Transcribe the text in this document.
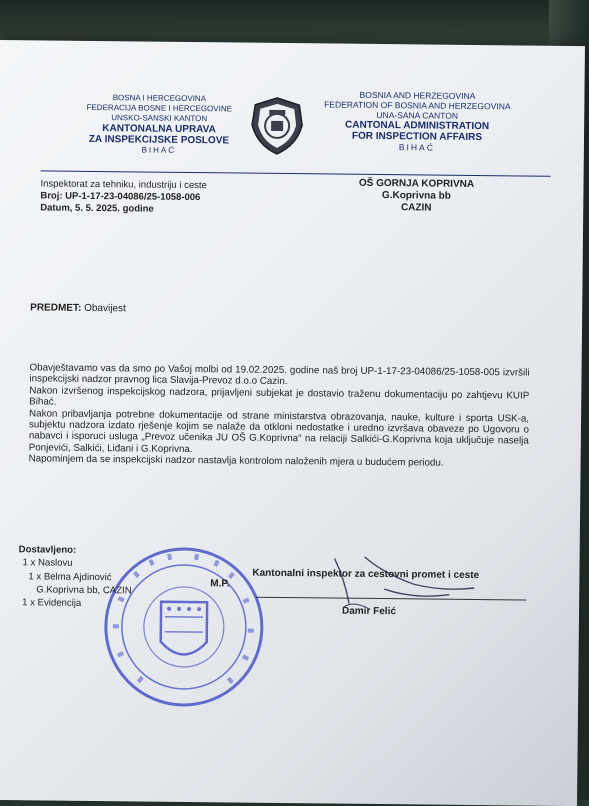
BOSNA I HERCEGOVINA
FEDERACIJA BOSNE I HERCEGOVINE
UNSKO-SANSKI KANTON
KANTONALNA UPRAVA
ZA INSPEKCIJSKE POSLOVE
BIHAĆ
BOSNIA AND HERZEGOVINA
FEDERATION OF BOSNIA AND HERZEGOVINA
UNA-SANA CANTON
CANTONAL ADMINISTRATION
FOR INSPECTION AFFAIRS
BIHAĆ
Inspektorat za tehniku, industriju i ceste
Broj: UP-1-17-23-04086/25-1058-006
Datum, 5. 5. 2025. godine
OŠ GORNJA KOPRIVNA
G.Koprivna bb
CAZIN
PREDMET: Obavijest

Obavještavamo vas da smo po Vašoj molbi od 19.02.2025. godine naš broj UP-1-17-23-04086/25-1058-005 izvršili inspekcijski nadzor pravnog lica Slavija-Prevoz d.o.o Cazin.

Nakon izvršenog inspekcijskog nadzora, prijavljeni subjekat je dostavio traženu dokumentaciju po zahtjevu KUIP Bihać.

Nakon pribavljanja potrebne dokumentacije od strane ministarstva obrazovanja, nauke, kulture i sporta USK-a, subjektu nadzora izdato rješenje kojim se nalaže da otkloni nedostatke i uredno izvršava obaveze po Ugovoru o nabavci i isporuci usluga „Prevoz učenika JU OŠ G.Koprivna“ na relaciji Salkići-G.Koprivna koja uključuje naselja Ponjevići, Salkići, Liđani i G.Koprivna.

Napominjem da se inspekcijski nadzor nastavlja kontrolom naloženih mjera u budućem periodu.

Dostavljeno:
1 x Naslovu
1 x Belma Ajdinović
G.Koprivna bb, CAZIN
1 x Evidencija
M.P.
Kantonalni inspektor za cestovni promet i ceste
Damir Felić
